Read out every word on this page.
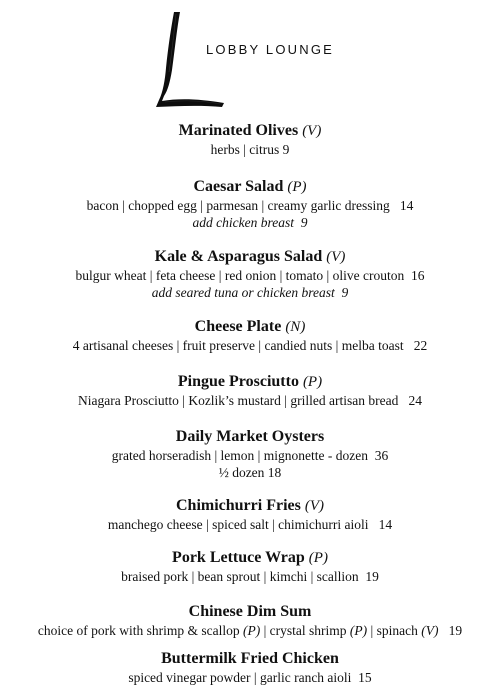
LOBBY LOUNGE
Marinated Olives (V)
herbs | citrus 9
Caesar Salad (P)
bacon | chopped egg | parmesan | creamy garlic dressing   14
add chicken breast  9
Kale & Asparagus Salad (V)
bulgur wheat | feta cheese | red onion | tomato | olive crouton  16
add seared tuna or chicken breast  9
Cheese Plate (N)
4 artisanal cheeses | fruit preserve | candied nuts | melba toast   22
Pingue Prosciutto (P)
Niagara Prosciutto | Kozlik’s mustard | grilled artisan bread   24
Daily Market Oysters
grated horseradish | lemon | mignonette - dozen  36
½ dozen 18
Chimichurri Fries (V)
manchego cheese | spiced salt | chimichurri aioli   14
Pork Lettuce Wrap (P)
braised pork | bean sprout | kimchi | scallion  19
Chinese Dim Sum
choice of pork with shrimp & scallop (P) | crystal shrimp (P) | spinach (V)   19
Buttermilk Fried Chicken
spiced vinegar powder | garlic ranch aioli  15
